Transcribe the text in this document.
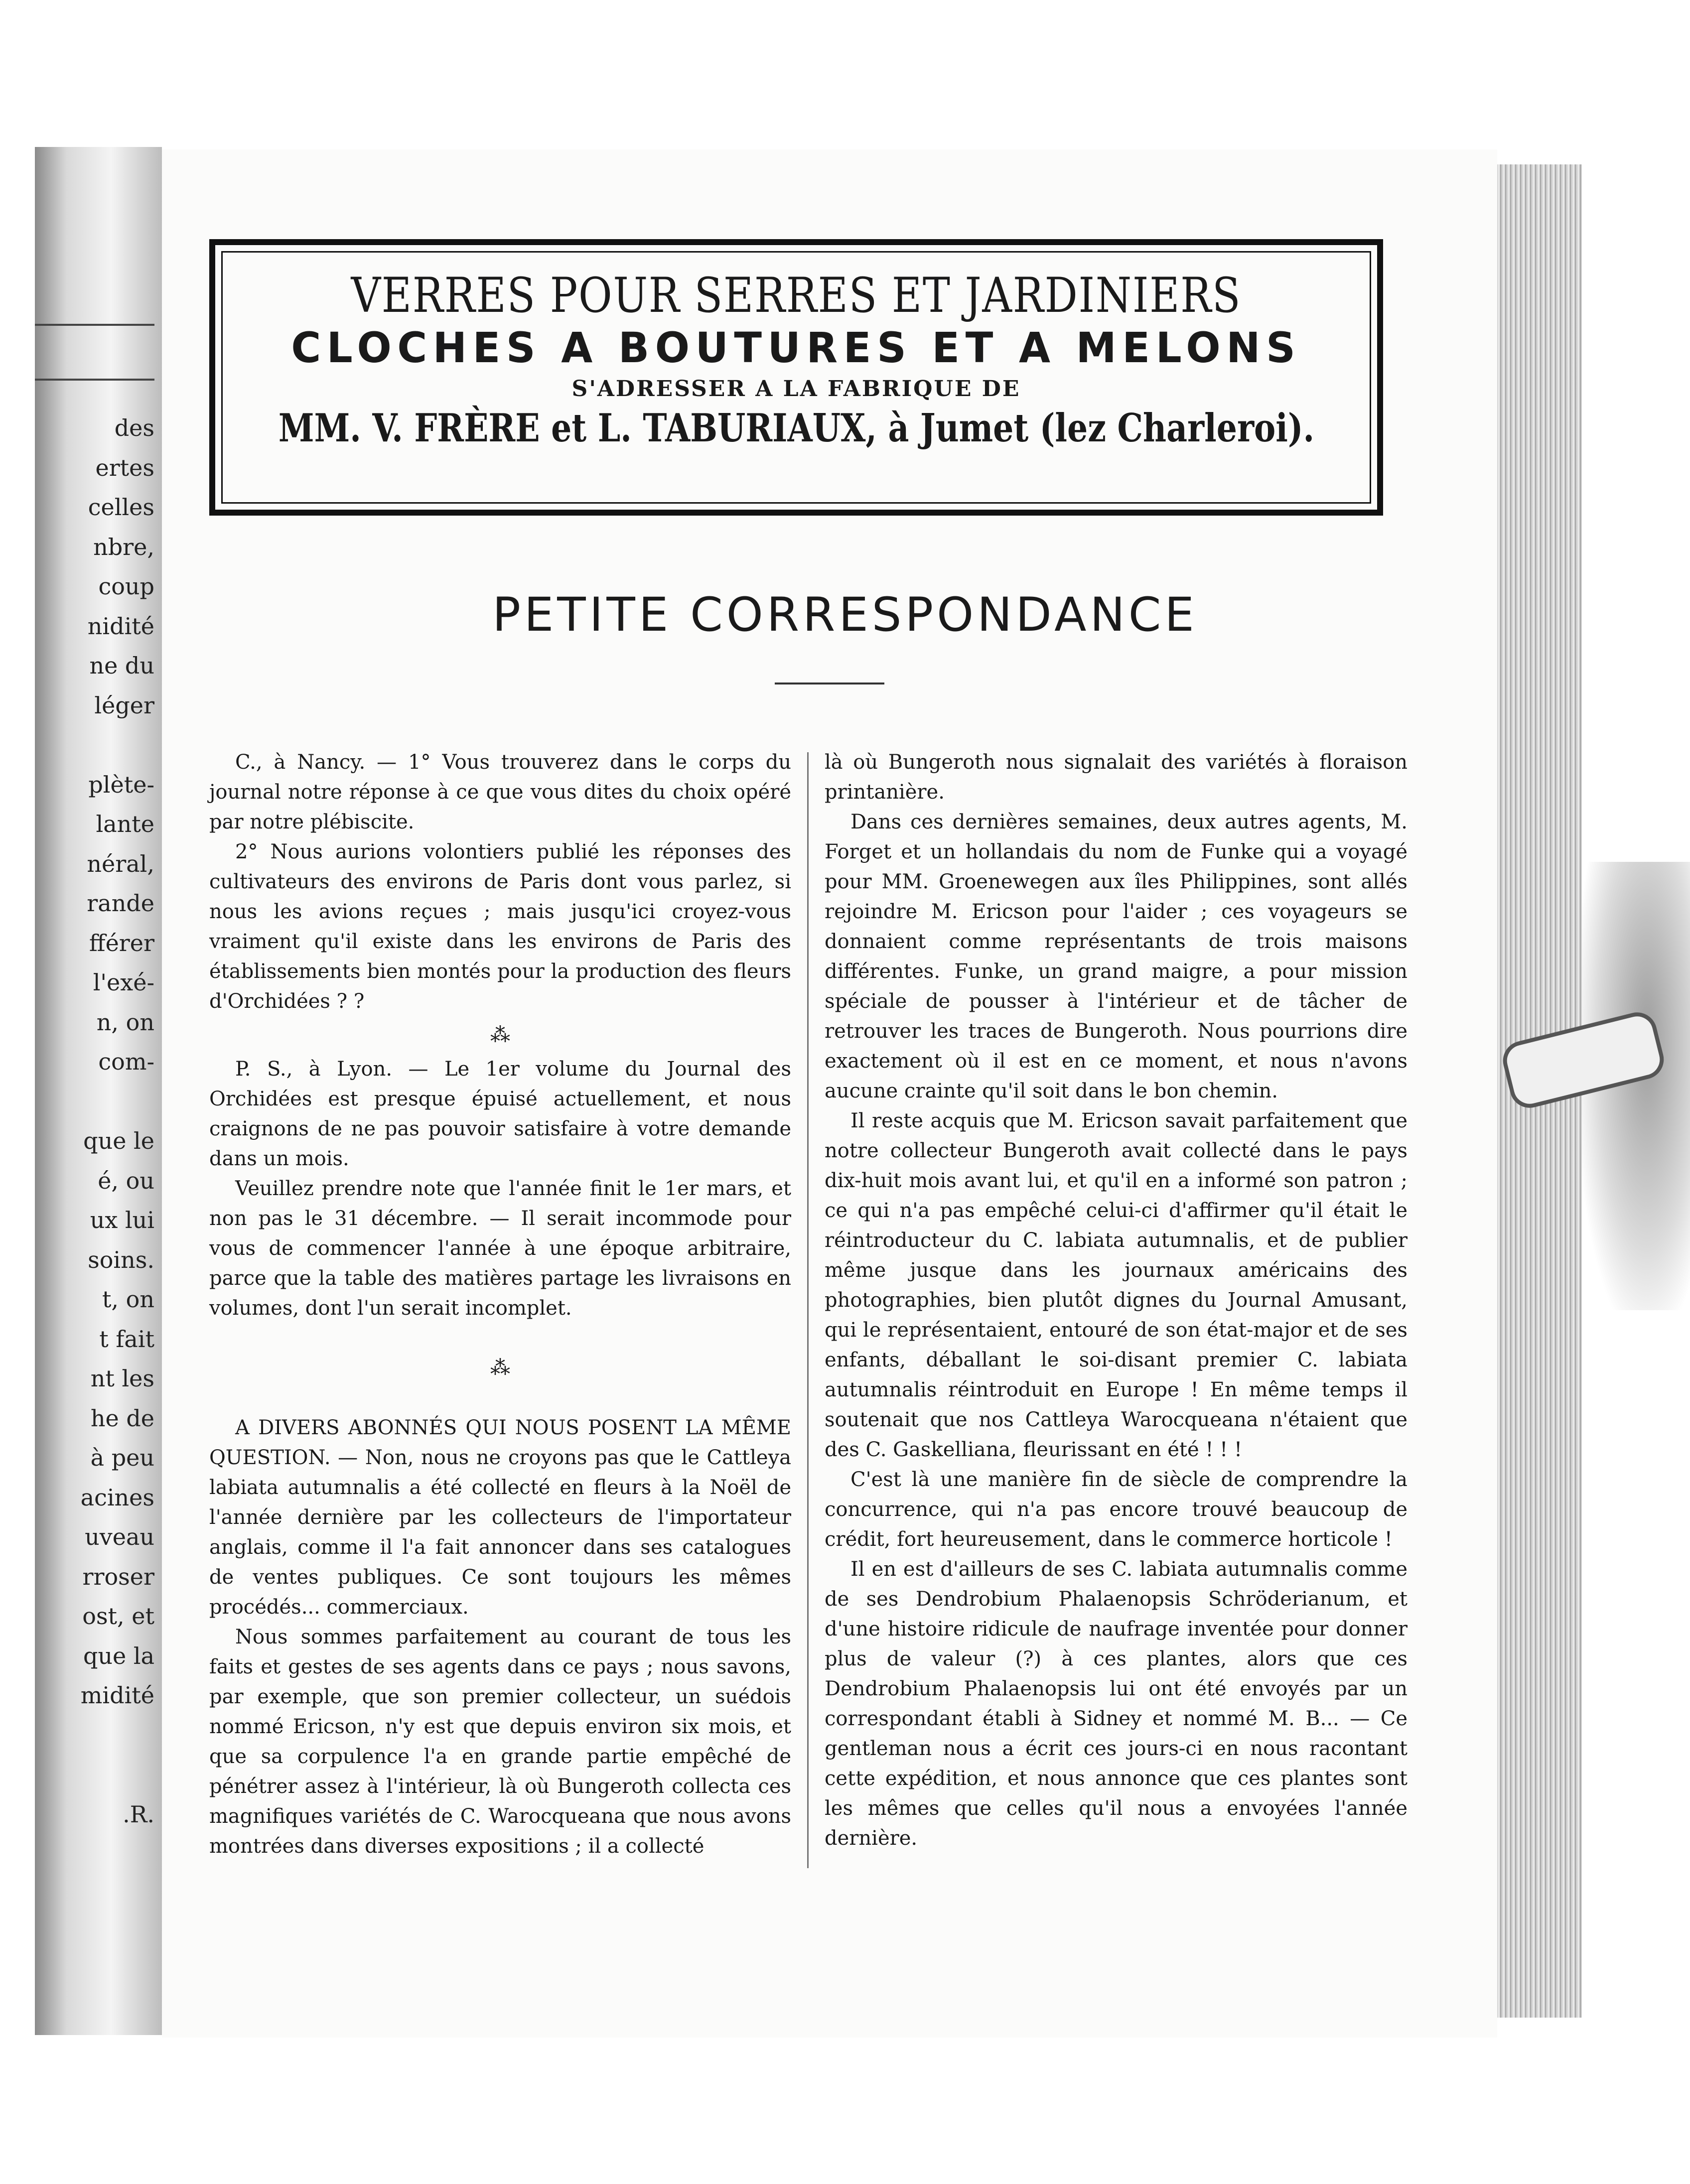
des
ertes
celles
nbre,
coup
nidité
ne du
léger

plète-
lante
néral,
rande
fférer
l'exé-
n, on
com-

que le
é, ou
ux lui
soins.
t, on
t fait
nt les
he de
à peu
acines
uveau
rroser
ost, et
que la
midité

.R.
VERRES POUR SERRES ET JARDINIERS
CLOCHES A BOUTURES ET A MELONS
S'ADRESSER A LA FABRIQUE DE
MM. V. FRÈRE et L. TABURIAUX, à Jumet (lez Charleroi).
PETITE CORRESPONDANCE

C., à Nancy. — 1° Vous trouverez dans le corps du journal notre réponse à ce que vous dites du choix opéré par notre plébiscite.

2° Nous aurions volontiers publié les réponses des cultivateurs des environs de Paris dont vous parlez, si nous les avions reçues ; mais jusqu'ici croyez-vous vraiment qu'il existe dans les environs de Paris des établissements bien montés pour la production des fleurs d'Orchidées ? ?

⁂

P. S., à Lyon. — Le 1er volume du Journal des Orchidées est presque épuisé actuellement, et nous craignons de ne pas pouvoir satisfaire à votre demande dans un mois.

Veuillez prendre note que l'année finit le 1er mars, et non pas le 31 décembre. — Il serait incommode pour vous de commencer l'année à une époque arbitraire, parce que la table des matières partage les livraisons en volumes, dont l'un serait incomplet.

⁂

A DIVERS ABONNÉS QUI NOUS POSENT LA MÊME QUESTION. — Non, nous ne croyons pas que le Cattleya labiata autumnalis a été collecté en fleurs à la Noël de l'année dernière par les collecteurs de l'importateur anglais, comme il l'a fait annoncer dans ses catalogues de ventes publiques. Ce sont toujours les mêmes procédés... commerciaux.

Nous sommes parfaitement au courant de tous les faits et gestes de ses agents dans ce pays ; nous savons, par exemple, que son premier collecteur, un suédois nommé Ericson, n'y est que depuis environ six mois, et que sa corpulence l'a en grande partie empêché de pénétrer assez à l'intérieur, là où Bungeroth collecta ces magnifiques variétés de C. Warocqueana que nous avons montrées dans diverses expositions ; il a collecté

là où Bungeroth nous signalait des variétés à floraison printanière.

Dans ces dernières semaines, deux autres agents, M. Forget et un hollandais du nom de Funke qui a voyagé pour MM. Groenewegen aux îles Philippines, sont allés rejoindre M. Ericson pour l'aider ; ces voyageurs se donnaient comme représentants de trois maisons différentes. Funke, un grand maigre, a pour mission spéciale de pousser à l'intérieur et de tâcher de retrouver les traces de Bungeroth. Nous pourrions dire exactement où il est en ce moment, et nous n'avons aucune crainte qu'il soit dans le bon chemin.

Il reste acquis que M. Ericson savait parfaitement que notre collecteur Bungeroth avait collecté dans le pays dix-huit mois avant lui, et qu'il en a informé son patron ; ce qui n'a pas empêché celui-ci d'affirmer qu'il était le réintroducteur du C. labiata autumnalis, et de publier même jusque dans les journaux américains des photographies, bien plutôt dignes du Journal Amusant, qui le représentaient, entouré de son état-major et de ses enfants, déballant le soi-disant premier C. labiata autumnalis réintroduit en Europe ! En même temps il soutenait que nos Cattleya Warocqueana n'étaient que des C. Gaskelliana, fleurissant en été ! ! !

C'est là une manière fin de siècle de comprendre la concurrence, qui n'a pas encore trouvé beaucoup de crédit, fort heureusement, dans le commerce horticole !

Il en est d'ailleurs de ses C. labiata autumnalis comme de ses Dendrobium Phalaenopsis Schröderianum, et d'une histoire ridicule de naufrage inventée pour donner plus de valeur (?) à ces plantes, alors que ces Dendrobium Phalaenopsis lui ont été envoyés par un correspondant établi à Sidney et nommé M. B... — Ce gentleman nous a écrit ces jours-ci en nous racontant cette expédition, et nous annonce que ces plantes sont les mêmes que celles qu'il nous a envoyées l'année dernière.
